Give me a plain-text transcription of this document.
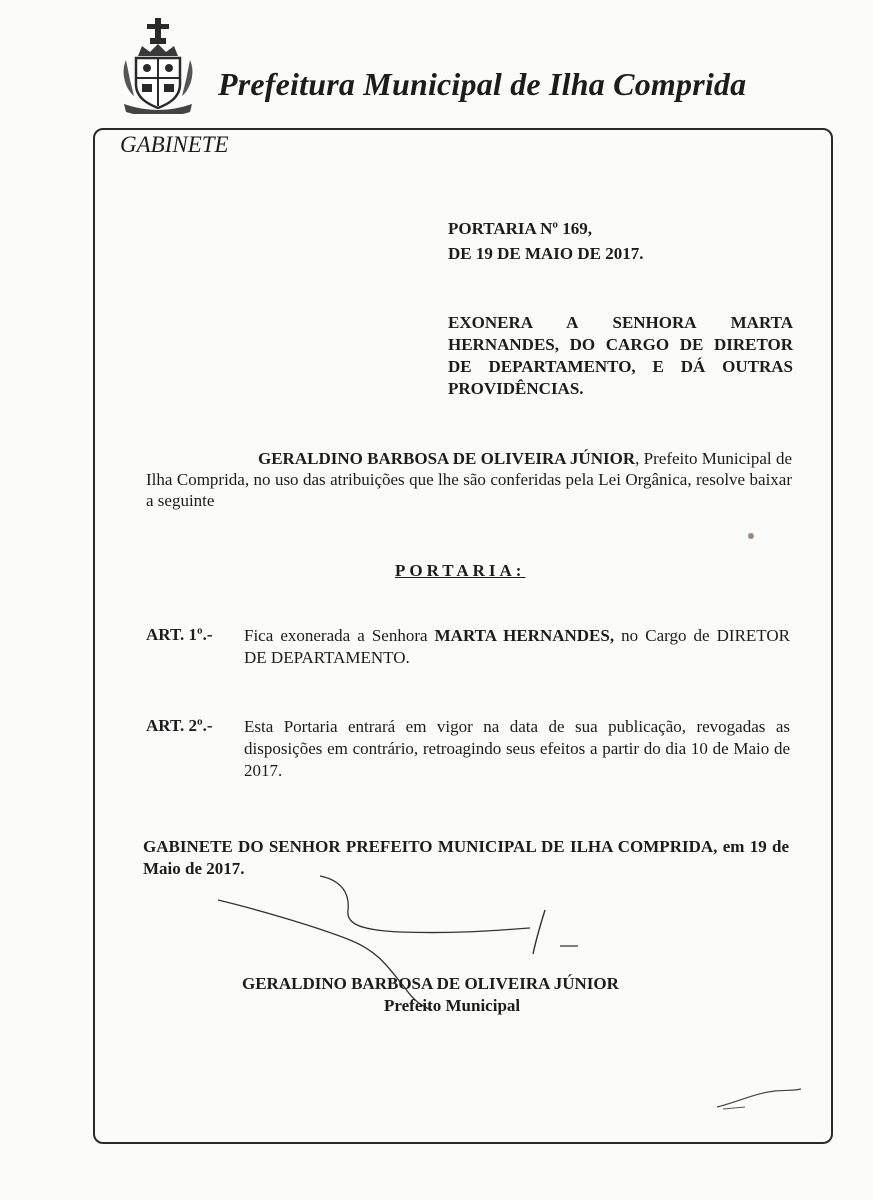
Prefeitura Municipal de Ilha Comprida
GABINETE
PORTARIA Nº 169,
DE 19 DE MAIO DE 2017.
EXONERA A SENHORA MARTA HERNANDES, DO CARGO DE DIRETOR DE DEPARTAMENTO, E DÁ OUTRAS PROVIDÊNCIAS.
GERALDINO BARBOSA DE OLIVEIRA JÚNIOR, Prefeito Municipal de Ilha Comprida, no uso das atribuições que lhe são conferidas pela Lei Orgânica, resolve baixar a seguinte
PORTARIA:
ART. 1º.- Fica exonerada a Senhora MARTA HERNANDES, no Cargo de DIRETOR DE DEPARTAMENTO.
ART. 2º.- Esta Portaria entrará em vigor na data de sua publicação, revogadas as disposições em contrário, retroagindo seus efeitos a partir do dia 10 de Maio de 2017.
GABINETE DO SENHOR PREFEITO MUNICIPAL DE ILHA COMPRIDA, em 19 de Maio de 2017.
GERALDINO BARBOSA DE OLIVEIRA JÚNIOR
Prefeito Municipal
